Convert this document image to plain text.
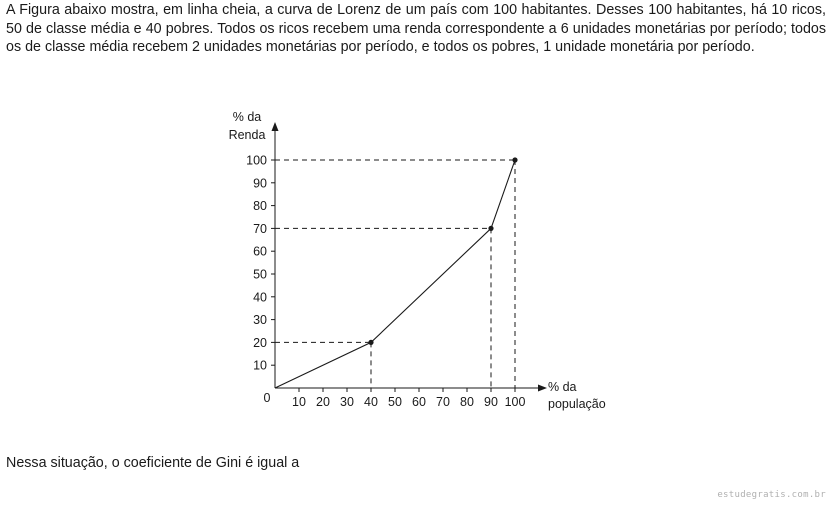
A Figura abaixo mostra, em linha cheia, a curva de Lorenz de um país com 100 habitantes. Desses 100 habitantes, há 10 ricos, 50 de classe média e 40 pobres. Todos os ricos recebem uma renda correspondente a 6 unidades monetárias por período; todos os de classe média recebem 2 unidades monetárias por período, e todos os pobres, 1 unidade monetária por período.

10
20
30
40
50
60
70
80
90
100
10 20 30 40 50 60 70 80 90 100
0
% da Renda
% da população

Nessa situação, o coeficiente de Gini é igual a

estudegratis.com.br
